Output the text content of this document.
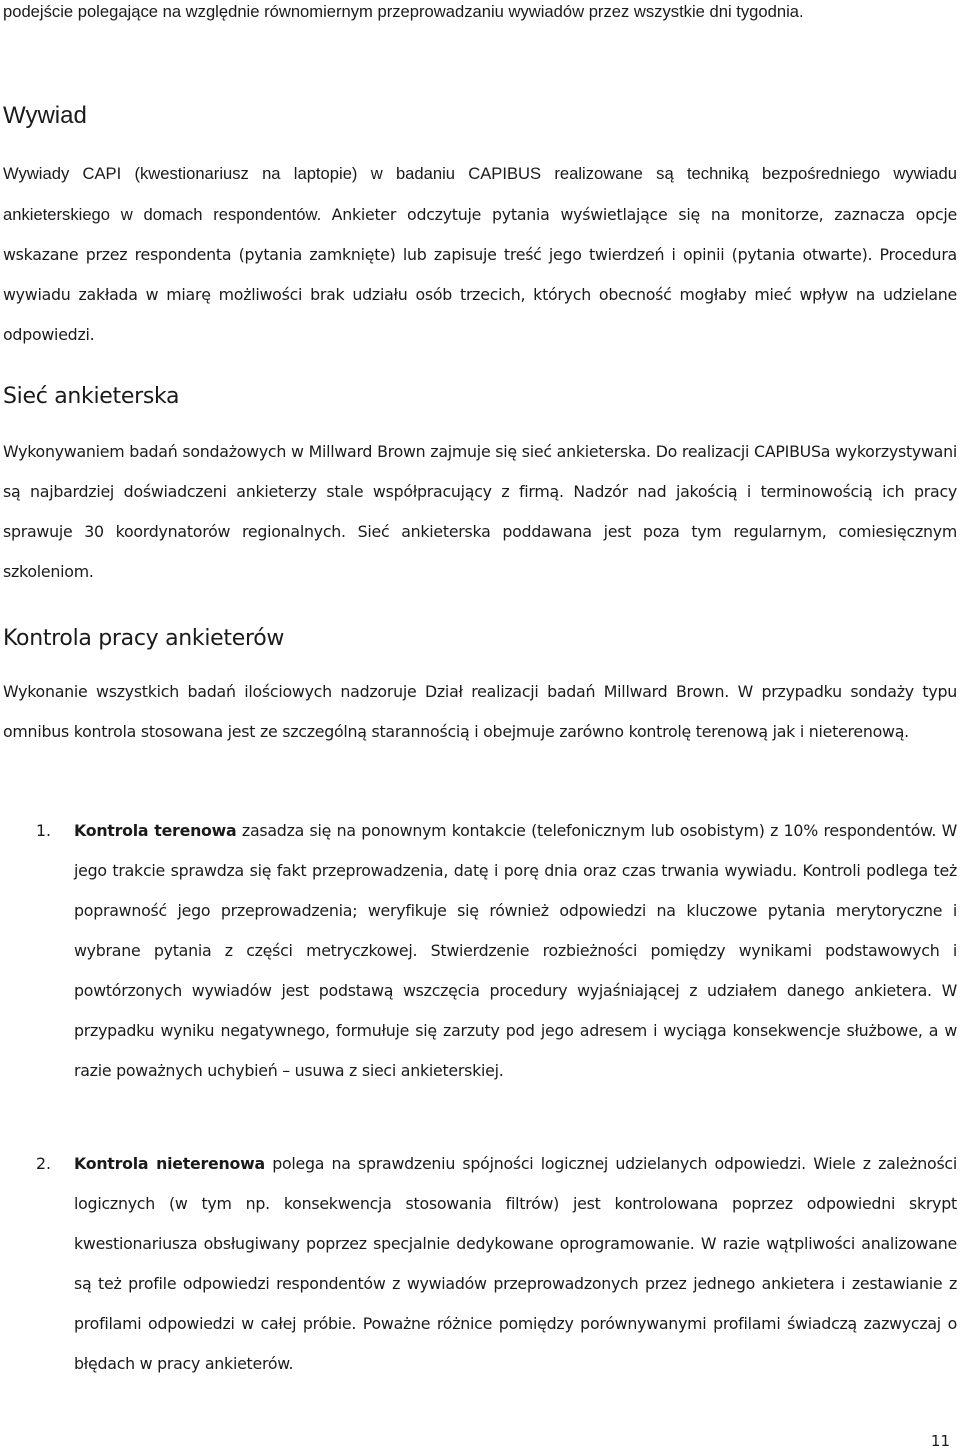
podejście polegające na względnie równomiernym przeprowadzaniu wywiadów przez wszystkie dni tygodnia.

Wywiad

Wywiady CAPI (kwestionariusz na laptopie) w badaniu CAPIBUS realizowane są techniką bezpośredniego wywiadu ankieterskiego w domach respondentów. Ankieter odczytuje pytania wyświetlające się na monitorze, zaznacza opcje wskazane przez respondenta (pytania zamknięte) lub zapisuje treść jego twierdzeń i opinii (pytania otwarte). Procedura wywiadu zakłada w miarę możliwości brak udziału osób trzecich, których obecność mogłaby mieć wpływ na udzielane odpowiedzi.

Sieć ankieterska

Wykonywaniem badań sondażowych w Millward Brown zajmuje się sieć ankieterska. Do realizacji CAPIBUSa wykorzystywani są najbardziej doświadczeni ankieterzy stale współpracujący z firmą. Nadzór nad jakością i terminowością ich pracy sprawuje 30 koordynatorów regionalnych. Sieć ankieterska poddawana jest poza tym regularnym, comiesięcznym szkoleniom.

Kontrola pracy ankieterów

Wykonanie wszystkich badań ilościowych nadzoruje Dział realizacji badań Millward Brown. W przypadku sondaży typu omnibus kontrola stosowana jest ze szczególną starannością i obejmuje zarówno kontrolę terenową jak i nieterenową.

1. Kontrola terenowa zasadza się na ponownym kontakcie (telefonicznym lub osobistym) z 10% respondentów. W jego trakcie sprawdza się fakt przeprowadzenia, datę i porę dnia oraz czas trwania wywiadu. Kontroli podlega też poprawność jego przeprowadzenia; weryfikuje się również odpowiedzi na kluczowe pytania merytoryczne i wybrane pytania z części metryczkowej. Stwierdzenie rozbieżności pomiędzy wynikami podstawowych i powtórzonych wywiadów jest podstawą wszczęcia procedury wyjaśniającej z udziałem danego ankietera. W przypadku wyniku negatywnego, formułuje się zarzuty pod jego adresem i wyciąga konsekwencje służbowe, a w razie poważnych uchybień – usuwa z sieci ankieterskiej.

2. Kontrola nieterenowa polega na sprawdzeniu spójności logicznej udzielanych odpowiedzi. Wiele z zależności logicznych (w tym np. konsekwencja stosowania filtrów) jest kontrolowana poprzez odpowiedni skrypt kwestionariusza obsługiwany poprzez specjalnie dedykowane oprogramowanie. W razie wątpliwości analizowane są też profile odpowiedzi respondentów z wywiadów przeprowadzonych przez jednego ankietera i zestawianie z profilami odpowiedzi w całej próbie. Poważne różnice pomiędzy porównywanymi profilami świadczą zazwyczaj o błędach w pracy ankieterów.

11
